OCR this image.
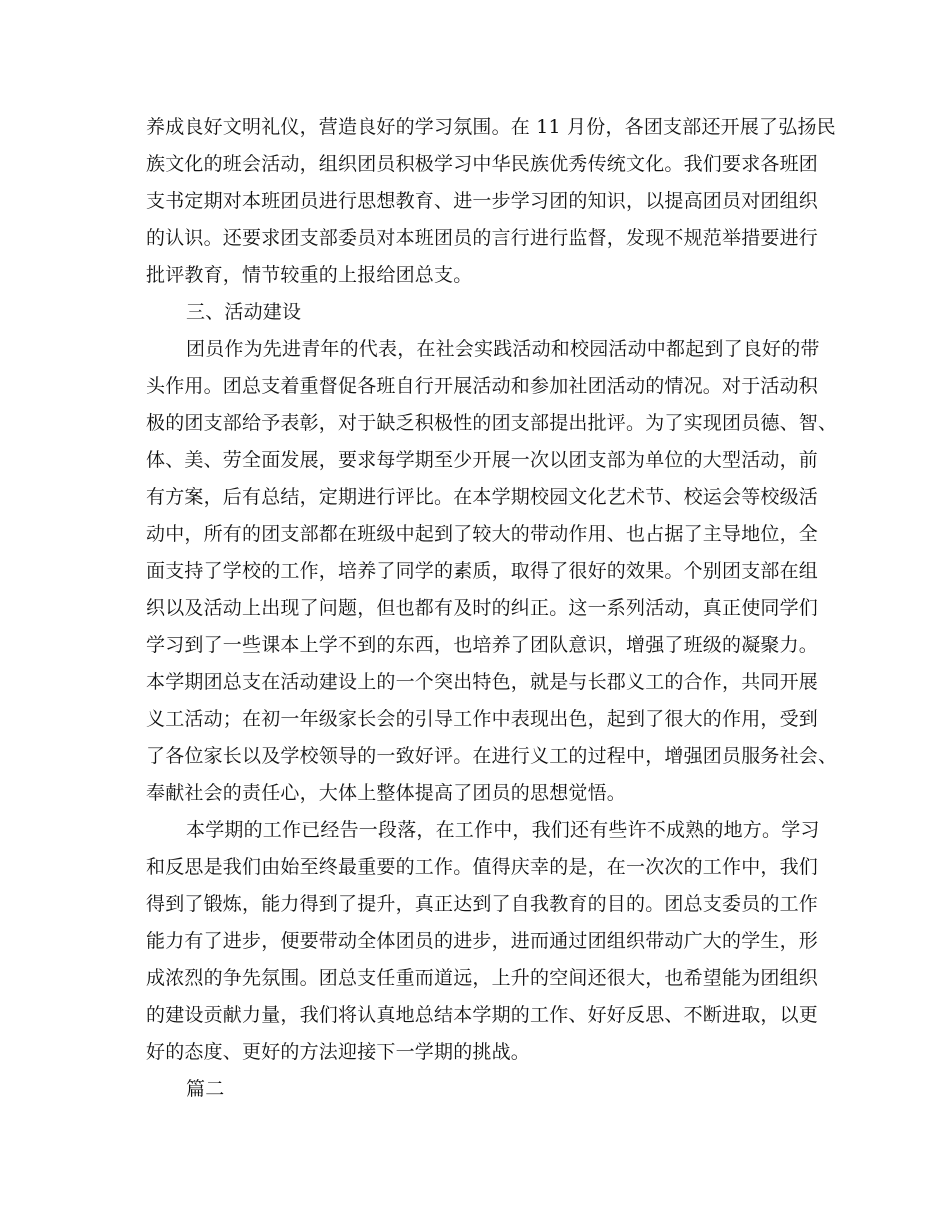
养成良好文明礼仪，营造良好的学习氛围。在 11 月份，各团支部还开展了弘扬民
族文化的班会活动，组织团员积极学习中华民族优秀传统文化。我们要求各班团
支书定期对本班团员进行思想教育、进一步学习团的知识，以提高团员对团组织
的认识。还要求团支部委员对本班团员的言行进行监督，发现不规范举措要进行
批评教育，情节较重的上报给团总支。
三、活动建设
团员作为先进青年的代表，在社会实践活动和校园活动中都起到了良好的带
头作用。团总支着重督促各班自行开展活动和参加社团活动的情况。对于活动积
极的团支部给予表彰，对于缺乏积极性的团支部提出批评。为了实现团员德、智、
体、美、劳全面发展，要求每学期至少开展一次以团支部为单位的大型活动，前
有方案，后有总结，定期进行评比。在本学期校园文化艺术节、校运会等校级活
动中，所有的团支部都在班级中起到了较大的带动作用、也占据了主导地位，全
面支持了学校的工作，培养了同学的素质，取得了很好的效果。个别团支部在组
织以及活动上出现了问题，但也都有及时的纠正。这一系列活动，真正使同学们
学习到了一些课本上学不到的东西，也培养了团队意识，增强了班级的凝聚力。
本学期团总支在活动建设上的一个突出特色，就是与长郡义工的合作，共同开展
义工活动；在初一年级家长会的引导工作中表现出色，起到了很大的作用，受到
了各位家长以及学校领导的一致好评。在进行义工的过程中，增强团员服务社会、
奉献社会的责任心，大体上整体提高了团员的思想觉悟。
本学期的工作已经告一段落，在工作中，我们还有些许不成熟的地方。学习
和反思是我们由始至终最重要的工作。值得庆幸的是，在一次次的工作中，我们
得到了锻炼，能力得到了提升，真正达到了自我教育的目的。团总支委员的工作
能力有了进步，便要带动全体团员的进步，进而通过团组织带动广大的学生，形
成浓烈的争先氛围。团总支任重而道远，上升的空间还很大，也希望能为团组织
的建设贡献力量，我们将认真地总结本学期的工作、好好反思、不断进取，以更
好的态度、更好的方法迎接下一学期的挑战。
篇二
